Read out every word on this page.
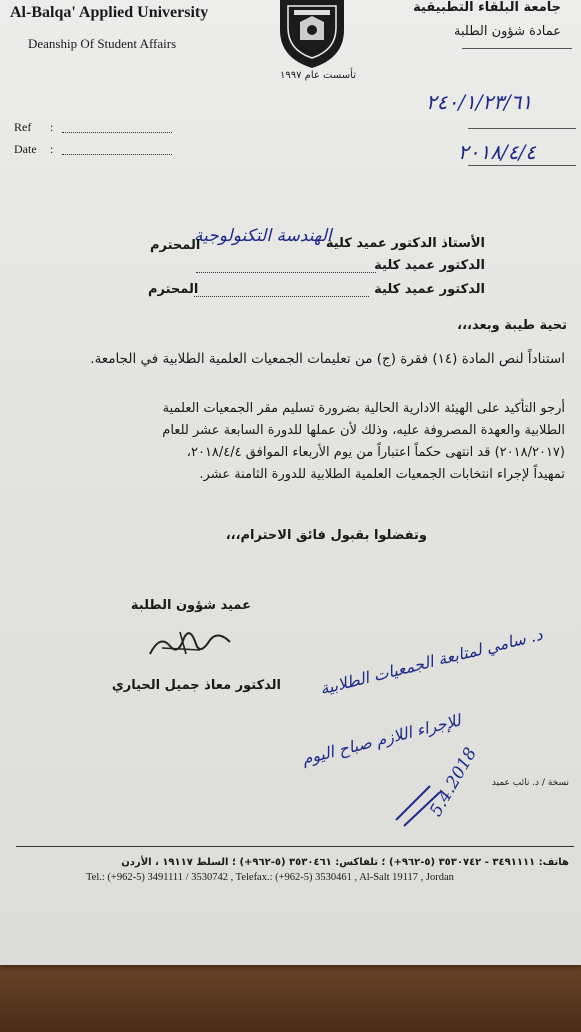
Al-Balqa' Applied University
Deanship Of Student Affairs
تأسست عام ١٩٩٧
جامعة البلقاء التطبيقية
عمادة شؤون الطلبة
Ref :
Date :
٢٤٠/١/٢٣/٦١
٢٠١٨/٤/٤
الأستاذ الدكتور عميد كلية
الهندسة التكنولوجية
المحترم
الدكتور عميد كلية
الدكتور عميد كلية
المحترم
تحية طيبة وبعد،،،
استناداً لنص المادة (١٤) فقرة (ج) من تعليمات الجمعيات العلمية الطلابية في الجامعة.
أرجو التأكيد على الهيئة الادارية الحالية بضرورة تسليم مقر الجمعيات العلمية
الطلابية والعهدة المصروفة عليه، وذلك لأن عملها للدورة السابعة عشر للعام
(٢٠١٨/٢٠١٧) قد انتهى حكماً اعتباراً من يوم الأربعاء الموافق ٢٠١٨/٤/٤،
تمهيداً لإجراء انتخابات الجمعيات العلمية الطلابية للدورة الثامنة عشر.
وتفضلوا بقبول فائق الاحترام،،،
عميد شؤون الطلبة
الدكتور معاذ جميل الحياري د. سامي لمتابعة الجمعيات الطلابية
للإجراء اللازم صباح اليوم
5.4.2018 نسخة / د. نائب عميد
هاتف: ٣٤٩١١١١ - ٣٥٣٠٧٤٢ (٥-٩٦٢+) ؛ تلفاكس: ٣٥٣٠٤٦١ (٥-٩٦٢+) ؛ السلط ١٩١١٧ ، الأردن
Tel.: (+962-5) 3491111 / 3530742 , Telefax.: (+962-5) 3530461 , Al-Salt 19117 , Jordan
